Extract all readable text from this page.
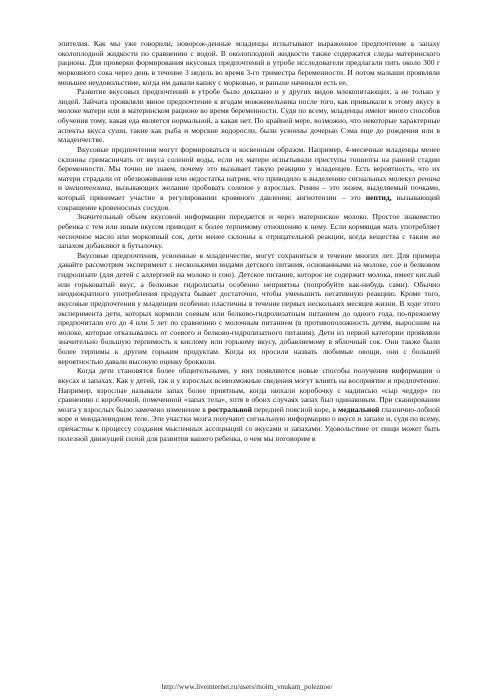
эпителия. Как мы уже говорили, новорож-денные младенцы испытывают выраженное предпочтение к запаху околоплодной жидкости по сравнению с водой. В околоплодной жидкости также содержатся следы материнского рациона. Для проверки формирования вкусовых предпочтений в утробе исследователи предлагали пить около 300 г морковного сока через день в течение 3 недель во время 3-го триместра беременности. И потом малыши проявляли меньшее неудовольствие, когда им давали кашку с морковью, и раньше начинали есть ее.

Развитие вкусовых предпочтений в утробе было доказано и у других видов млекопитающих, а не только у людей. Зайчата проявляли явное предпочтение к ягодам можжевельника после того, как привыкали к этому вкусу в молоке матери или в материнском рационе во время беременности. Судя по всему, младенцы имеют много способов обучения тому, какая еда является нормальной, а какая нет. По крайней мере, возможно, что некоторые характерные аспекты вкуса суши, такие как рыба и морские водоросли, были усвоены дочерью Сэма еще до рождения или в младенчестве.

Вкусовые предпочтения могут формироваться и косвенным образом. Например, 4-месячные младенцы менее склонны гримасничать от вкуса соленой воды, если их матери испытывали приступы тошноты на ранней стадии беременности. Мы точно не знаем, почему это вызывает такую реакцию у младенцев. Есть вероятность, что их матери страдали от обезвоживания или недостатка натрия, что приводило к выделению сигнальных молекул ренина и ангиотензина, вызывающих желание пробовать соленое у взрослых. Ренин – это энзим, выделяемый почками, который принимает участие в регулировании кровяного давления; ангиотензин – это пептид, вызывающий сокращение кровеносных сосудов.

Значительный объем вкусовой информации передается и через материнское молоко. Простое знакомство ребенка с тем или иным вкусом приводит к более терпимому отношению к нему. Если кормящая мать употребляет чесночное масло или морковный сок, дети менее склонны к отрицательной реакции, когда вещества с таким же запахом добавляют в бутылочку.

Вкусовые предпочтения, усвоенные в младенчестве, могут сохраняться в течение многих лет. Для примера давайте рассмотрим эксперимент с несколькими видами детского питания, основанными на молоке, сое и белковом гидролизате (для детей с аллергией на молоко и сою). Детское питание, которое не содержит молока, имеет кислый или горьковатый вкус, а белковые гидролизаты особенно неприятны (попробуйте как-нибудь сами). Обычно неоднократного употребления продукта бывает достаточно, чтобы уменьшить негативную реакцию. Кроме того, вкусовые предпочтения у младенцев особенно пластичны в течение первых нескольких месяцев жизни. В ходе этого эксперимента дети, которых кормили соевым или белково-гидролизатным питанием до одного года, по-прежнему предпочитали его до 4 или 5 лет по сравнению с молочным питанием (в противоположность детям, выросшим на молоке, которые отказывались от соевого и белково-гидролизатного питания). Дети из первой категории проявляли значительно большую терпимость к кислому или горькому вкусу, добавляемому в яблочный сок. Они также были более терпимы к другим горьким продуктам. Когда их просили назвать любимые овощи, они с большей вероятностью давали высокую оценку брокколи.

Когда дети становятся более общительными, у них появляются новые способы получения информации о вкусах и запахах. Как у детей, так и у взрослых всевозможные сведения могут влиять на восприятие и предпочтение. Например, взрослые называли запах более приятным, когда нюхали коробочку с надписью «сыр чеддер» по сравнению с коробочкой, помеченной «запах тела», хотя в обоих случаях запах был одинаковым. При сканировании мозга у взрослых было замечено изменение в ростральной передней поясной коре, в медиальной глазнично-лобной коре и миндалевидном теле. Эти участки мозга получают сигнальную информацию о вкусе и запахе и, судя по всему, причастны к процессу создания мысленных ассоциаций со вкусами и запахами. Удовольствие от пищи может быть полезной движущей силой для развития вашего ребенка, о чем мы поговорим в

http://www.liveinternet.ru/users/moim_vnukam_poleznoe/
